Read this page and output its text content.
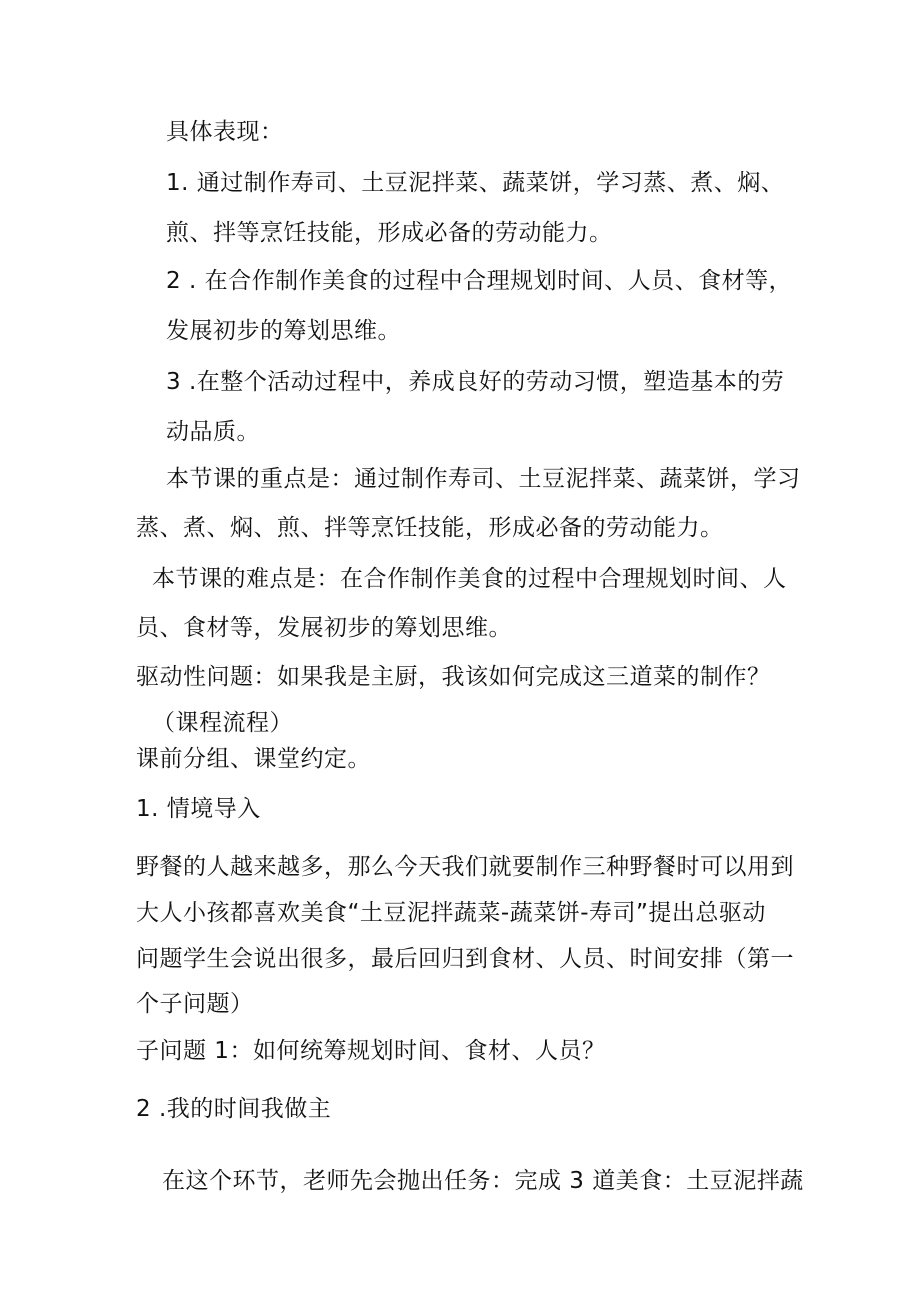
具体表现：
1. 通过制作寿司、土豆泥拌菜、蔬菜饼，学习蒸、煮、焖、
煎、拌等烹饪技能，形成必备的劳动能力。
2 . 在合作制作美食的过程中合理规划时间、人员、食材等，
发展初步的筹划思维。
3 .在整个活动过程中，养成良好的劳动习惯，塑造基本的劳
动品质。
本节课的重点是：通过制作寿司、土豆泥拌菜、蔬菜饼，学习
蒸、煮、焖、煎、拌等烹饪技能，形成必备的劳动能力。
本节课的难点是：在合作制作美食的过程中合理规划时间、人
员、食材等，发展初步的筹划思维。
驱动性问题：如果我是主厨，我该如何完成这三道菜的制作？
（课程流程）
课前分组、课堂约定。
1. 情境导入
野餐的人越来越多，那么今天我们就要制作三种野餐时可以用到
大人小孩都喜欢美食“土豆泥拌蔬菜-蔬菜饼-寿司”提出总驱动
问题学生会说出很多，最后回归到食材、人员、时间安排（第一
个子问题）
子问题 1：如何统筹规划时间、食材、人员？
2 .我的时间我做主
在这个环节，老师先会抛出任务：完成 3 道美食：土豆泥拌蔬
